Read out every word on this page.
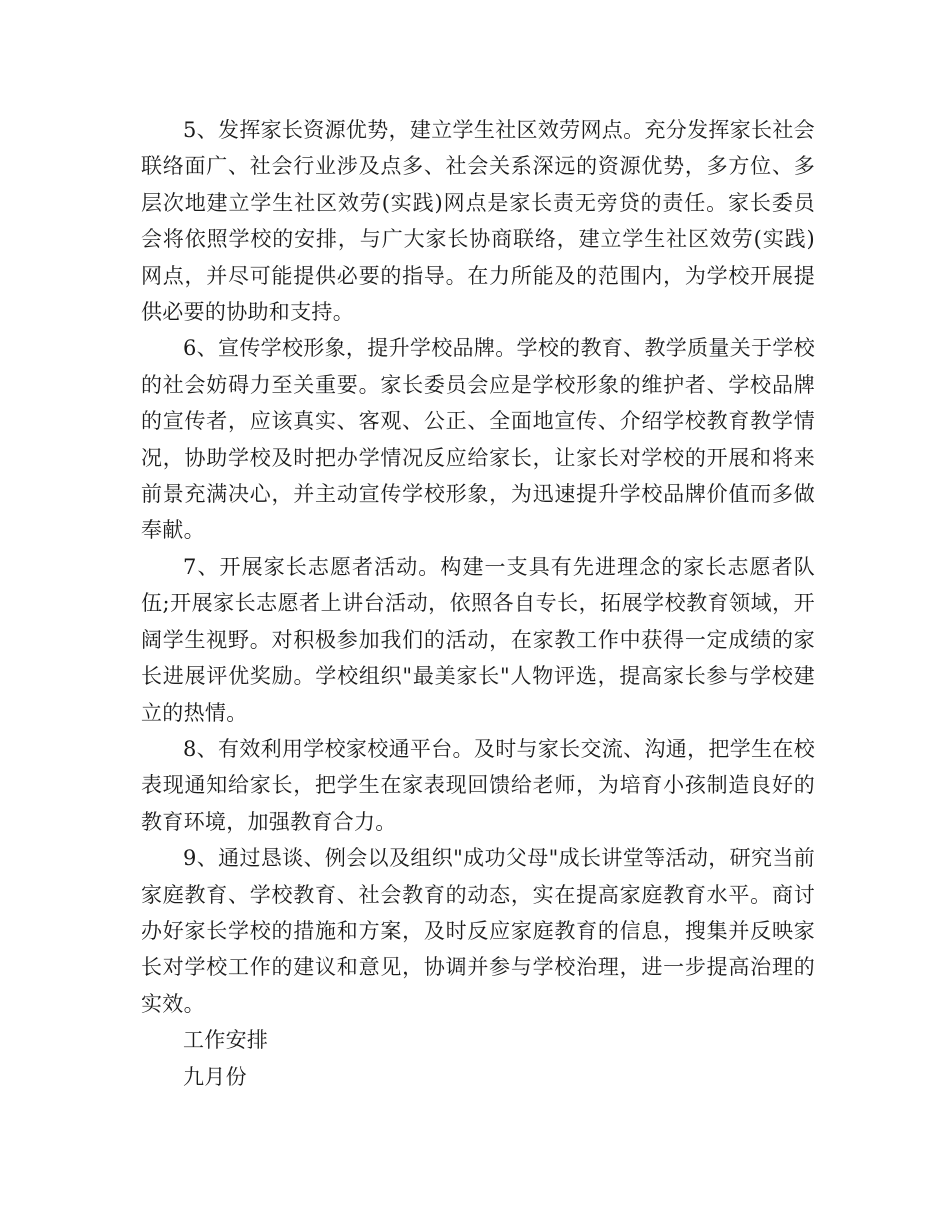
5、发挥家长资源优势，建立学生社区效劳网点。充分发挥家长社会联络面广、社会行业涉及点多、社会关系深远的资源优势，多方位、多层次地建立学生社区效劳(实践)网点是家长责无旁贷的责任。家长委员会将依照学校的安排，与广大家长协商联络，建立学生社区效劳(实践)网点，并尽可能提供必要的指导。在力所能及的范围内，为学校开展提供必要的协助和支持。

6、宣传学校形象，提升学校品牌。学校的教育、教学质量关于学校的社会妨碍力至关重要。家长委员会应是学校形象的维护者、学校品牌的宣传者，应该真实、客观、公正、全面地宣传、介绍学校教育教学情况，协助学校及时把办学情况反应给家长，让家长对学校的开展和将来前景充满决心，并主动宣传学校形象，为迅速提升学校品牌价值而多做奉献。

7、开展家长志愿者活动。构建一支具有先进理念的家长志愿者队伍;开展家长志愿者上讲台活动，依照各自专长，拓展学校教育领域，开阔学生视野。对积极参加我们的活动，在家教工作中获得一定成绩的家长进展评优奖励。学校组织"最美家长"人物评选，提高家长参与学校建立的热情。

8、有效利用学校家校通平台。及时与家长交流、沟通，把学生在校表现通知给家长，把学生在家表现回馈给老师，为培育小孩制造良好的教育环境，加强教育合力。

9、通过恳谈、例会以及组织"成功父母"成长讲堂等活动，研究当前家庭教育、学校教育、社会教育的动态，实在提高家庭教育水平。商讨办好家长学校的措施和方案，及时反应家庭教育的信息，搜集并反映家长对学校工作的建议和意见，协调并参与学校治理，进一步提高治理的实效。

工作安排

九月份
